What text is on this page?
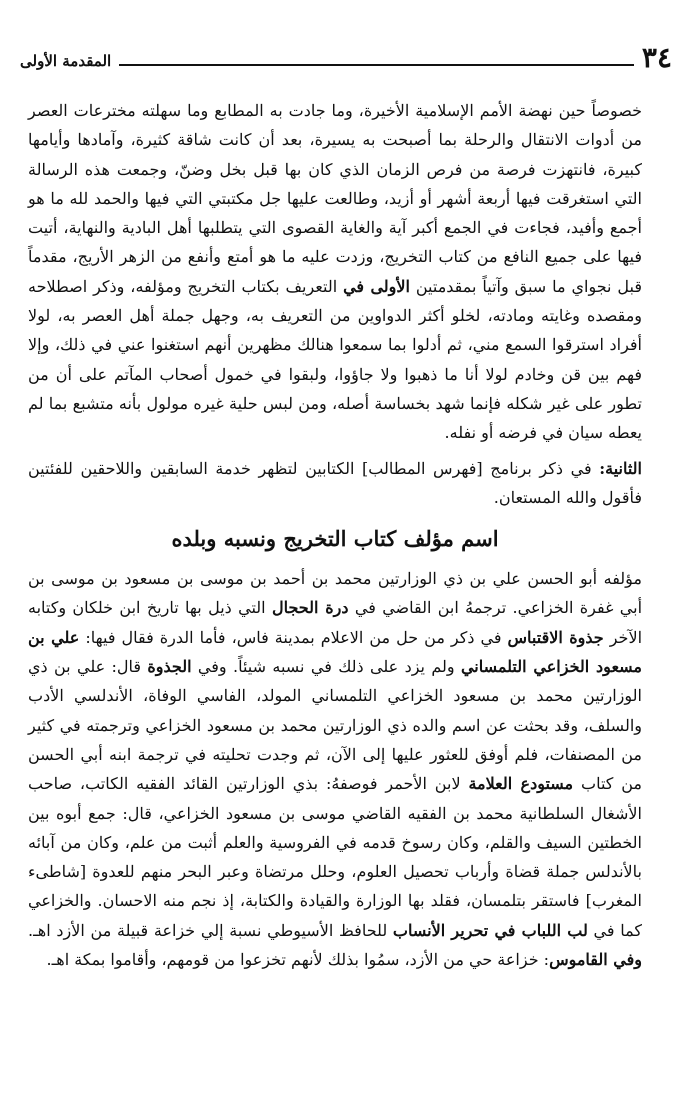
٣٤
المقدمة الأولى

خصوصاً حين نهضة الأمم الإسلامية الأخيرة، وما جادت به المطابع وما سهلته مخترعات العصر من أدوات الانتقال والرحلة بما أصبحت به يسيرة، بعد أن كانت شاقة كثيرة، وآمادها وأيامها كبيرة، فانتهزت فرصة من فرص الزمان الذي كان بها قبل بخل وضنّ، وجمعت هذه الرسالة التي استغرقت فيها أربعة أشهر أو أزيد، وطالعت عليها جل مكتبتي التي فيها والحمد لله ما هو أجمع وأفيد، فجاءت في الجمع أكبر آية والغاية القصوى التي يتطلبها أهل البادية والنهاية، أتيت فيها على جميع النافع من كتاب التخريج، وزدت عليه ما هو أمتع وأنفع من الزهر الأريج، مقدماً قبل نجواي ما سبق وآتياً بمقدمتين الأولى في التعريف بكتاب التخريج ومؤلفه، وذكر اصطلاحه ومقصده وغايته ومادته، لخلو أكثر الدواوين من التعريف به، وجهل جملة أهل العصر به، لولا أفراد استرقوا السمع مني، ثم أدلوا بما سمعوا هنالك مظهرين أنهم استغنوا عني في ذلك، وإلا فهم بين قن وخادم لولا أنا ما ذهبوا ولا جاؤوا، ولبقوا في خمول أصحاب المآتم على أن من تطور على غير شكله فإنما شهد بخساسة أصله، ومن لبس حلية غيره مولول بأنه متشبع بما لم يعطه سيان في فرضه أو نفله.

الثانية: في ذكر برنامج [فهرس المطالب] الكتابين لتظهر خدمة السابقين واللاحقين للفئتين فأقول والله المستعان.

اسم مؤلف كتاب التخريج ونسبه وبلده

مؤلفه أبو الحسن علي بن ذي الوزارتين محمد بن أحمد بن موسى بن مسعود بن موسى بن أبي غفرة الخزاعي. ترجمهُ ابن القاضي في درة الحجال التي ذيل بها تاريخ ابن خلكان وكتابه الآخر جذوة الاقتباس في ذكر من حل من الاعلام بمدينة فاس، فأما الدرة فقال فيها: علي بن مسعود الخزاعي التلمساني ولم يزد على ذلك في نسبه شيئاً. وفي الجذوة قال: علي بن ذي الوزارتين محمد بن مسعود الخزاعي التلمساني المولد، الفاسي الوفاة، الأندلسي الأدب والسلف، وقد بحثت عن اسم والده ذي الوزارتين محمد بن مسعود الخزاعي وترجمته في كثير من المصنفات، فلم أوفق للعثور عليها إلى الآن، ثم وجدت تحليته في ترجمة ابنه أبي الحسن من كتاب مستودع العلامة لابن الأحمر فوصفهُ: بذي الوزارتين القائد الفقيه الكاتب، صاحب الأشغال السلطانية محمد بن الفقيه القاضي موسى بن مسعود الخزاعي، قال: جمع أبوه بين الخطتين السيف والقلم، وكان رسوخ قدمه في الفروسية والعلم أثبت من علم، وكان من آبائه بالأندلس جملة قضاة وأرباب تحصيل العلوم، وحلل مرتضاة وعبر البحر منهم للعدوة [شاطىء المغرب] فاستقر بتلمسان، فقلد بها الوزارة والقيادة والكتابة، إذ نجم منه الاحسان. والخزاعي كما في لب اللباب في تحرير الأنساب للحافظ الأسيوطي نسبة إلي خزاعة قبيلة من الأزد اهـ. وفي القاموس: خزاعة حي من الأزد، سمُوا بذلك لأنهم تخزعوا من قومهم، وأقاموا بمكة اهـ.
